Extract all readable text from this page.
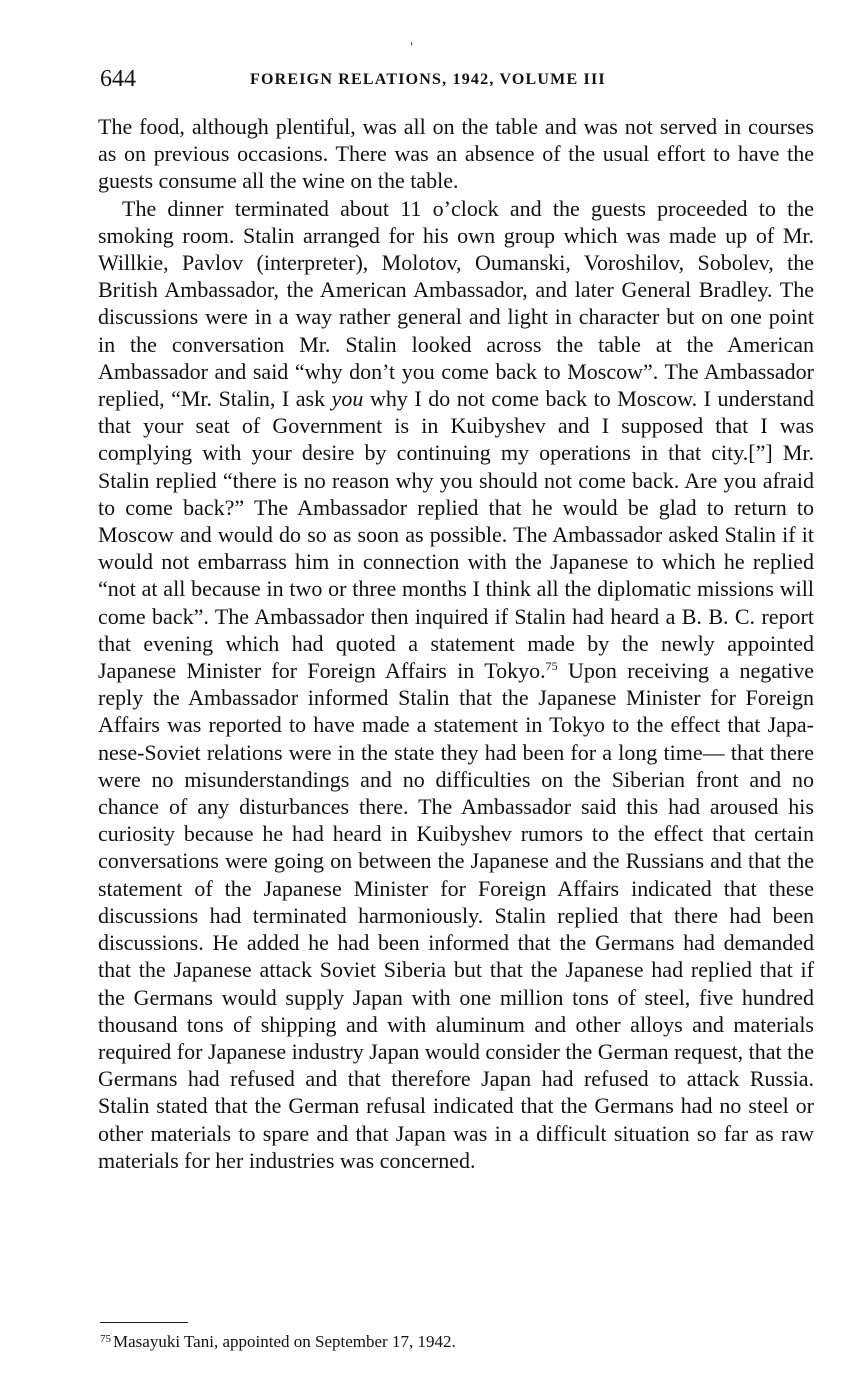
'
644	FOREIGN RELATIONS, 1942, VOLUME III

The food, although plentiful, was all on the table and was not served in courses as on previous occasions. There was an absence of the usual effort to have the guests consume all the wine on the table.

The dinner terminated about 11 o’clock and the guests proceeded to the smoking room. Stalin arranged for his own group which was made up of Mr. Willkie, Pavlov (interpreter), Molotov, Oumanski, Voroshilov, Sobolev, the British Ambassador, the American Ambassador, and later General Bradley. The discussions were in a way rather general and light in character but on one point in the conversation Mr. Stalin looked across the table at the American Ambassador and said “why don’t you come back to Moscow”. The Ambassador replied, “Mr. Stalin, I ask you why I do not come back to Moscow. I understand that your seat of Government is in Kuibyshev and I supposed that I was complying with your desire by continuing my operations in that city.[”] Mr. Stalin replied “there is no reason why you should not come back. Are you afraid to come back?” The Ambassador replied that he would be glad to return to Moscow and would do so as soon as possible. The Ambassador asked Stalin if it would not embarrass him in connection with the Japanese to which he replied “not at all because in two or three months I think all the diplomatic missions will come back”. The Ambassador then inquired if Stalin had heard a B. B. C. report that evening which had quoted a statement made by the newly appointed Japanese Minister for Foreign Affairs in Tokyo.$^{75}$ Upon receiving a negative reply the Ambassador informed Stalin that the Japanese Minister for Foreign Affairs was reported to have made a statement in Tokyo to the effect that Japanese-Soviet relations were in the state they had been for a long time— that there were no misunderstandings and no difficulties on the Siberian front and no chance of any disturbances there. The Ambassador said this had aroused his curiosity because he had heard in Kuibyshev rumors to the effect that certain conversations were going on between the Japanese and the Russians and that the statement of the Japanese Minister for Foreign Affairs indicated that these discussions had terminated harmoniously. Stalin replied that there had been discussions. He added he had been informed that the Germans had demanded that the Japanese attack Soviet Siberia but that the Japanese had replied that if the Germans would supply Japan with one million tons of steel, five hundred thousand tons of shipping and with aluminum and other alloys and materials required for Japanese industry Japan would consider the German request, that the Germans had refused and that therefore Japan had refused to attack Russia. Stalin stated that the German refusal indicated that the Germans had no steel or other materials to spare and that Japan was in a difficult situation so far as raw materials for her industries was concerned.

$^{75}$ Masayuki Tani, appointed on September 17, 1942.
